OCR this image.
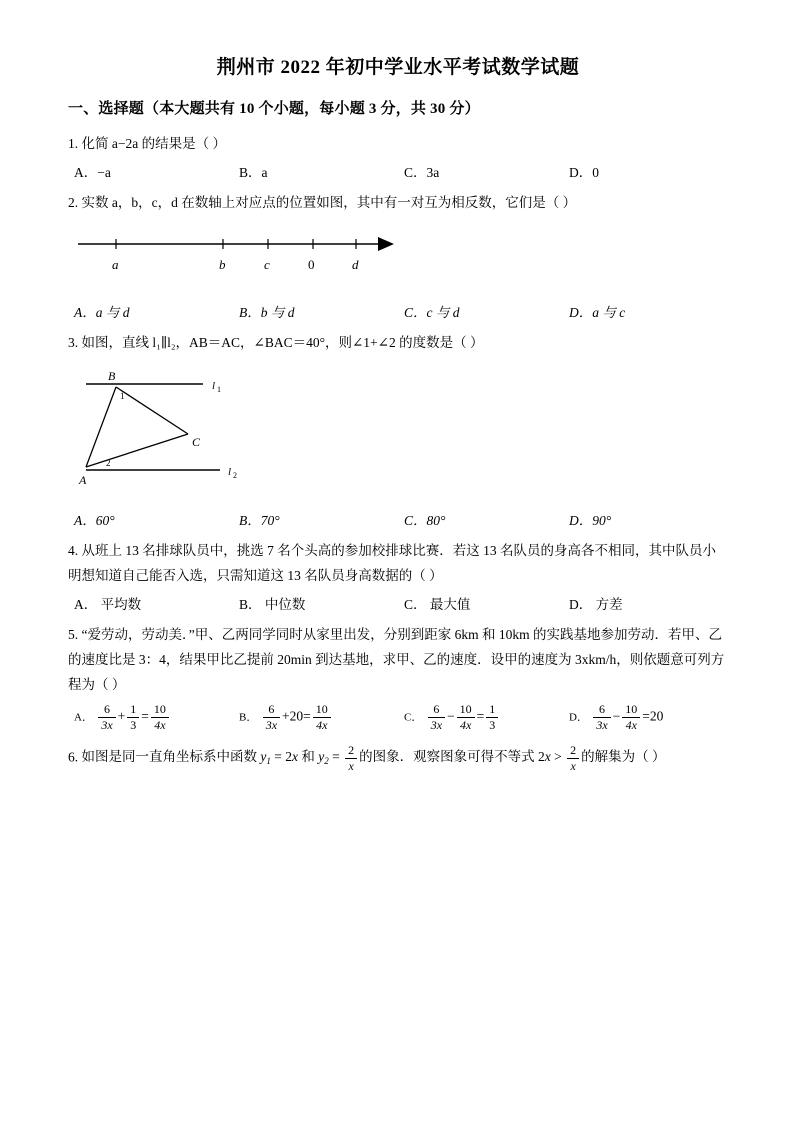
荆州市 2022 年初中学业水平考试数学试题
一、选择题（本大题共有 10 个小题，每小题 3 分，共 30 分）
1. 化简 a−2a 的结果是（ ）
A．−a	B．a	C．3a	D．0
2. 实数 a，b，c，d 在数轴上对应点的位置如图，其中有一对互为相反数，它们是（ ）
a	b	c	0	d
A．a 与 d	B．b 与 d	C．c 与 d	D．a 与 c
3. 如图，直线 l₁∥l₂，AB＝AC，∠BAC＝40°，则∠1+∠2 的度数是（ ）
B
C
A
1
2
l 1
l 2
A．60°	B．70°	C．80°	D．90°
4. 从班上 13 名排球队员中，挑选 7 名个头高的参加校排球比赛．若这 13 名队员的身高各不相同，其中队员小明想知道自己能否入选，只需知道这 13 名队员身高数据的（ ）
A． 平均数	B． 中位数	C． 最大值	D． 方差
5. “爱劳动，劳动美．”甲、乙两同学同时从家里出发，分别到距家 6km 和 10km 的实践基地参加劳动．若甲、乙的速度比是 3：4，结果甲比乙提前 20min 到达基地，求甲、乙的速度．设甲的速度为 3xkm/h，则依题意可列方程为（ ）
A． $\frac{6}{3x} + \frac{1}{3} = \frac{10}{4x}$	B． $\frac{6}{3x} +20= \frac{10}{4x}$	C． $\frac{6}{3x} - \frac{10}{4x} = \frac{1}{3}$	D． $\frac{6}{3x} - \frac{10}{4x} =20$
6. 如图是同一直角坐标系中函数 $y_1 = 2x$ 和 $y_2 = \frac{2}{x}$ 的图象．观察图象可得不等式 $2x > \frac{2}{x}$ 的解集为（ ）
